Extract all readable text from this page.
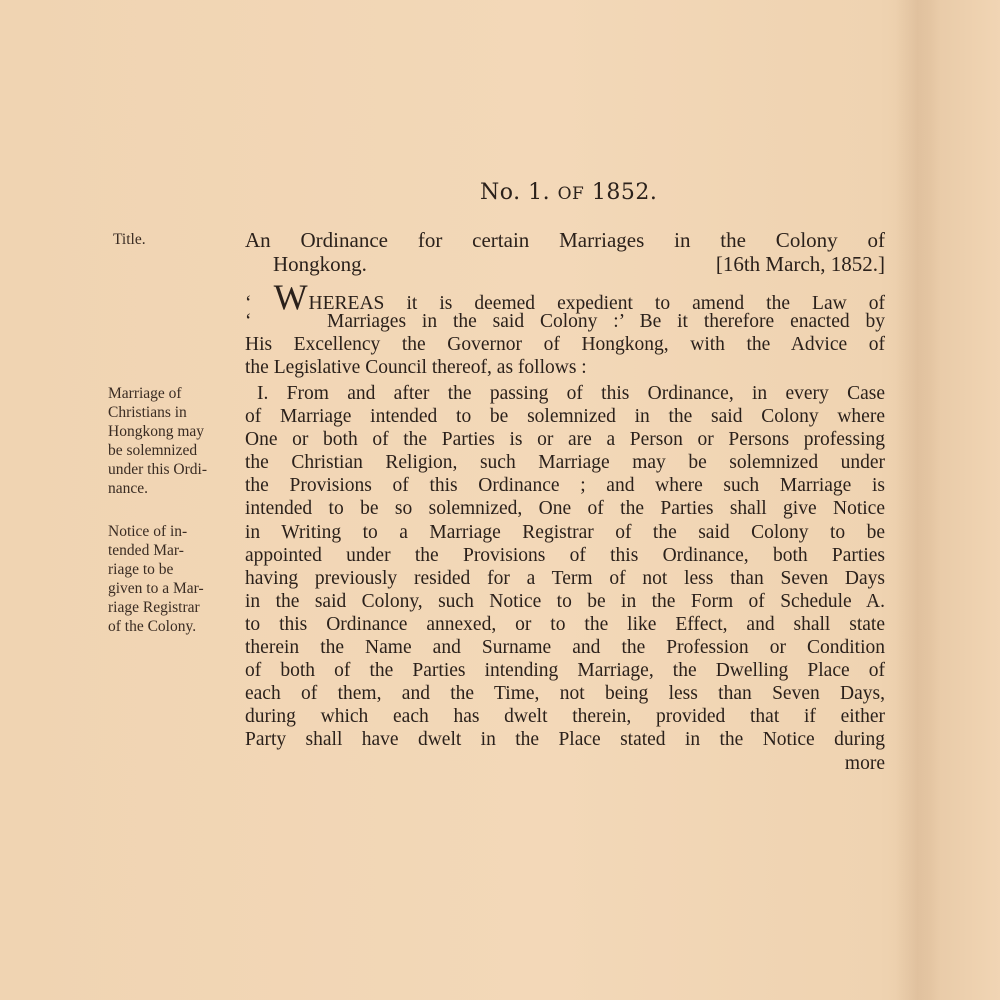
No. 1. OF 1852.
Title.
Marriage of
Christians in
Hongkong may
be solemnized
under this Ordi-
nance.
Notice of in-
tended Mar-
riage to be
given to a Mar-
riage Registrar
of the Colony.
An Ordinance for certain Marriages in the Colony of
Hongkong.	[16th March, 1852.]
‘ WHEREAS it is deemed expedient to amend the Law of
‘	Marriages in the said Colony :’ Be it therefore enacted by
His Excellency the Governor of Hongkong, with the Advice of
the Legislative Council thereof, as follows :
I. From and after the passing of this Ordinance, in every Case
of Marriage intended to be solemnized in the said Colony where
One or both of the Parties is or are a Person or Persons professing
the Christian Religion, such Marriage may be solemnized under
the Provisions of this Ordinance ; and where such Marriage is
intended to be so solemnized, One of the Parties shall give Notice
in Writing to a Marriage Registrar of the said Colony to be
appointed under the Provisions of this Ordinance, both Parties
having previously resided for a Term of not less than Seven Days
in the said Colony, such Notice to be in the Form of Schedule A.
to this Ordinance annexed, or to the like Effect, and shall state
therein the Name and Surname and the Profession or Condition
of both of the Parties intending Marriage, the Dwelling Place of
each of them, and the Time, not being less than Seven Days,
during which each has dwelt therein, provided that if either
Party shall have dwelt in the Place stated in the Notice during
more
